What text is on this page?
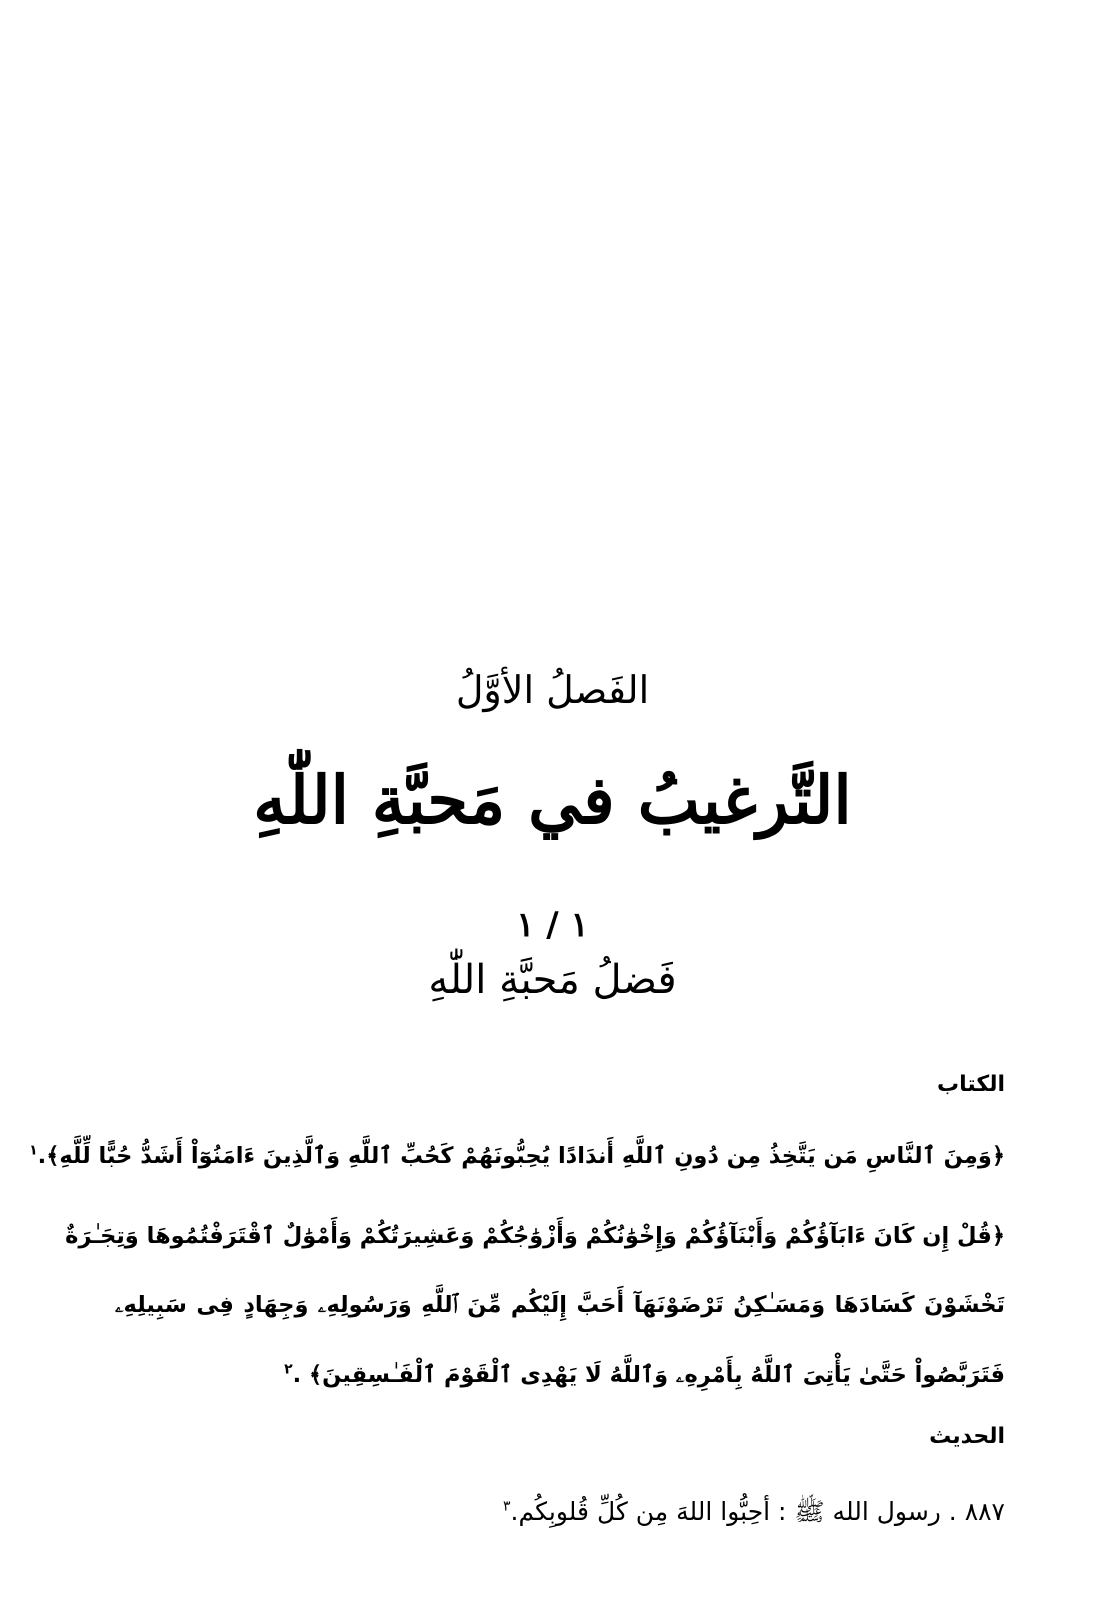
الفَصلُ الأوَّلُ
التَّرغيبُ في مَحبَّةِ اللّٰهِ
١ / ١
فَضلُ مَحبَّةِ اللّٰهِ
الكتاب
﴿وَمِنَ ٱلنَّاسِ مَن يَتَّخِذُ مِن دُونِ ٱللَّهِ أَندَادًا يُحِبُّونَهُمْ كَحُبِّ ٱللَّهِ وَٱلَّذِينَ ءَامَنُوٓاْ أَشَدُّ حُبًّا لِّلَّهِ﴾.$^١$
﴿قُلْ إِن كَانَ ءَابَآؤُكُمْ وَأَبْنَآؤُكُمْ وَإِخْوَٰنُكُمْ وَأَزْوَٰجُكُمْ وَعَشِيرَتُكُمْ وَأَمْوَٰلٌ ٱقْتَرَفْتُمُوهَا وَتِجَـٰرَةٌ
تَخْشَوْنَ كَسَادَهَا وَمَسَـٰكِنُ تَرْضَوْنَهَآ أَحَبَّ إِلَيْكُم مِّنَ ٱللَّهِ وَرَسُولِهِۦ وَجِهَادٍ فِى سَبِيلِهِۦ
فَتَرَبَّصُواْ حَتَّىٰ يَأْتِىَ ٱللَّهُ بِأَمْرِهِۦ وَٱللَّهُ لَا يَهْدِى ٱلْقَوْمَ ٱلْفَـٰسِقِينَ﴾ .$^٢$
الحديث
٨٨٧ . رسول الله ﷺ : أحِبُّوا اللهَ مِن كُلِّ قُلوبِكُم.$^٣$
